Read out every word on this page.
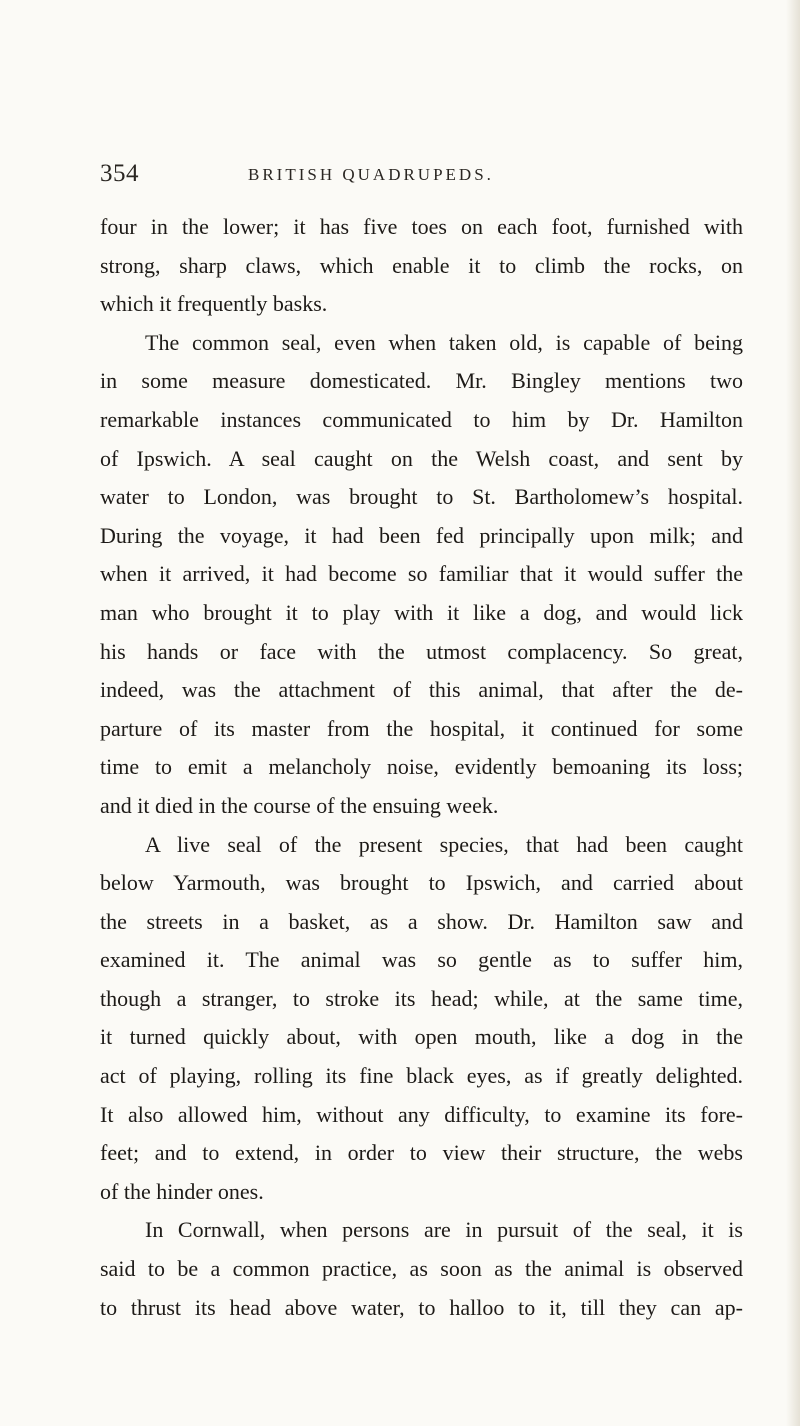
354	BRITISH QUADRUPEDS.
four in the lower; it has five toes on each foot, furnished with
strong, sharp claws, which enable it to climb the rocks, on
which it frequently basks.
The common seal, even when taken old, is capable of being
in some measure domesticated. Mr. Bingley mentions two
remarkable instances communicated to him by Dr. Hamilton
of Ipswich. A seal caught on the Welsh coast, and sent by
water to London, was brought to St. Bartholomew’s hospital.
During the voyage, it had been fed principally upon milk; and
when it arrived, it had become so familiar that it would suffer the
man who brought it to play with it like a dog, and would lick
his hands or face with the utmost complacency. So great,
indeed, was the attachment of this animal, that after the de-
parture of its master from the hospital, it continued for some
time to emit a melancholy noise, evidently bemoaning its loss;
and it died in the course of the ensuing week.
A live seal of the present species, that had been caught
below Yarmouth, was brought to Ipswich, and carried about
the streets in a basket, as a show. Dr. Hamilton saw and
examined it. The animal was so gentle as to suffer him,
though a stranger, to stroke its head; while, at the same time,
it turned quickly about, with open mouth, like a dog in the
act of playing, rolling its fine black eyes, as if greatly delighted.
It also allowed him, without any difficulty, to examine its fore-
feet; and to extend, in order to view their structure, the webs
of the hinder ones.
In Cornwall, when persons are in pursuit of the seal, it is
said to be a common practice, as soon as the animal is observed
to thrust its head above water, to halloo to it, till they can ap-
